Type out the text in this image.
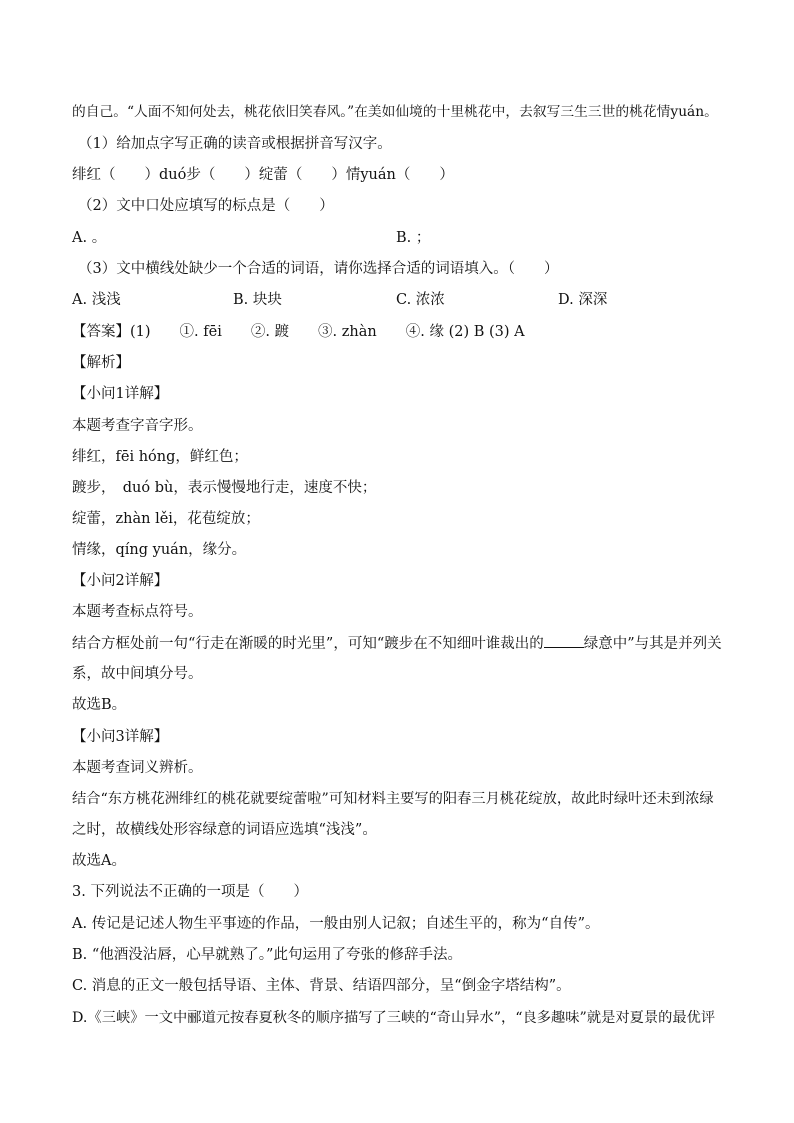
的自己。“人面不知何处去，桃花依旧笑春风。”在美如仙境的十里桃花中，去叙写三生三世的桃花情yuán。
（1）给加点字写正确的读音或根据拼音写汉字。
绯红（　　）duó步（　　）绽蕾（　　）情yuán（　　）
（2）文中口处应填写的标点是（　　）
A. 。	B. ；
（3）文中横线处缺少一个合适的词语，请你选择合适的词语填入。（　　）
A. 浅浅	B. 块块	C. 浓浓	D. 深深
【答案】(1)　　①. fēi　　②. 踱　　③. zhàn　　④. 缘 (2) B (3) A
【解析】
【小问1详解】
本题考查字音字形。
绯红，fēi hóng，鲜红色；
踱步，　duó bù，表示慢慢地行走，速度不快；
绽蕾，zhàn lěi，花苞绽放；
情缘，qíng yuán，缘分。
【小问2详解】
本题考查标点符号。
结合方框处前一句“行走在渐暖的时光里”，可知“踱步在不知细叶谁裁出的	绿意中”与其是并列关
系，故中间填分号。
故选B。
【小问3详解】
本题考查词义辨析。
结合“东方桃花洲绯红的桃花就要绽蕾啦”可知材料主要写的阳春三月桃花绽放，故此时绿叶还未到浓绿
之时，故横线处形容绿意的词语应选填“浅浅”。
故选A。
3. 下列说法不正确的一项是（　　）
A. 传记是记述人物生平事迹的作品，一般由别人记叙；自述生平的，称为“自传”。
B. “他酒没沾唇，心早就熟了。”此句运用了夸张的修辞手法。
C. 消息的正文一般包括导语、主体、背景、结语四部分，呈“倒金字塔结构”。
D.《三峡》一文中郦道元按春夏秋冬的顺序描写了三峡的“奇山异水”，“良多趣味”就是对夏景的最优评
